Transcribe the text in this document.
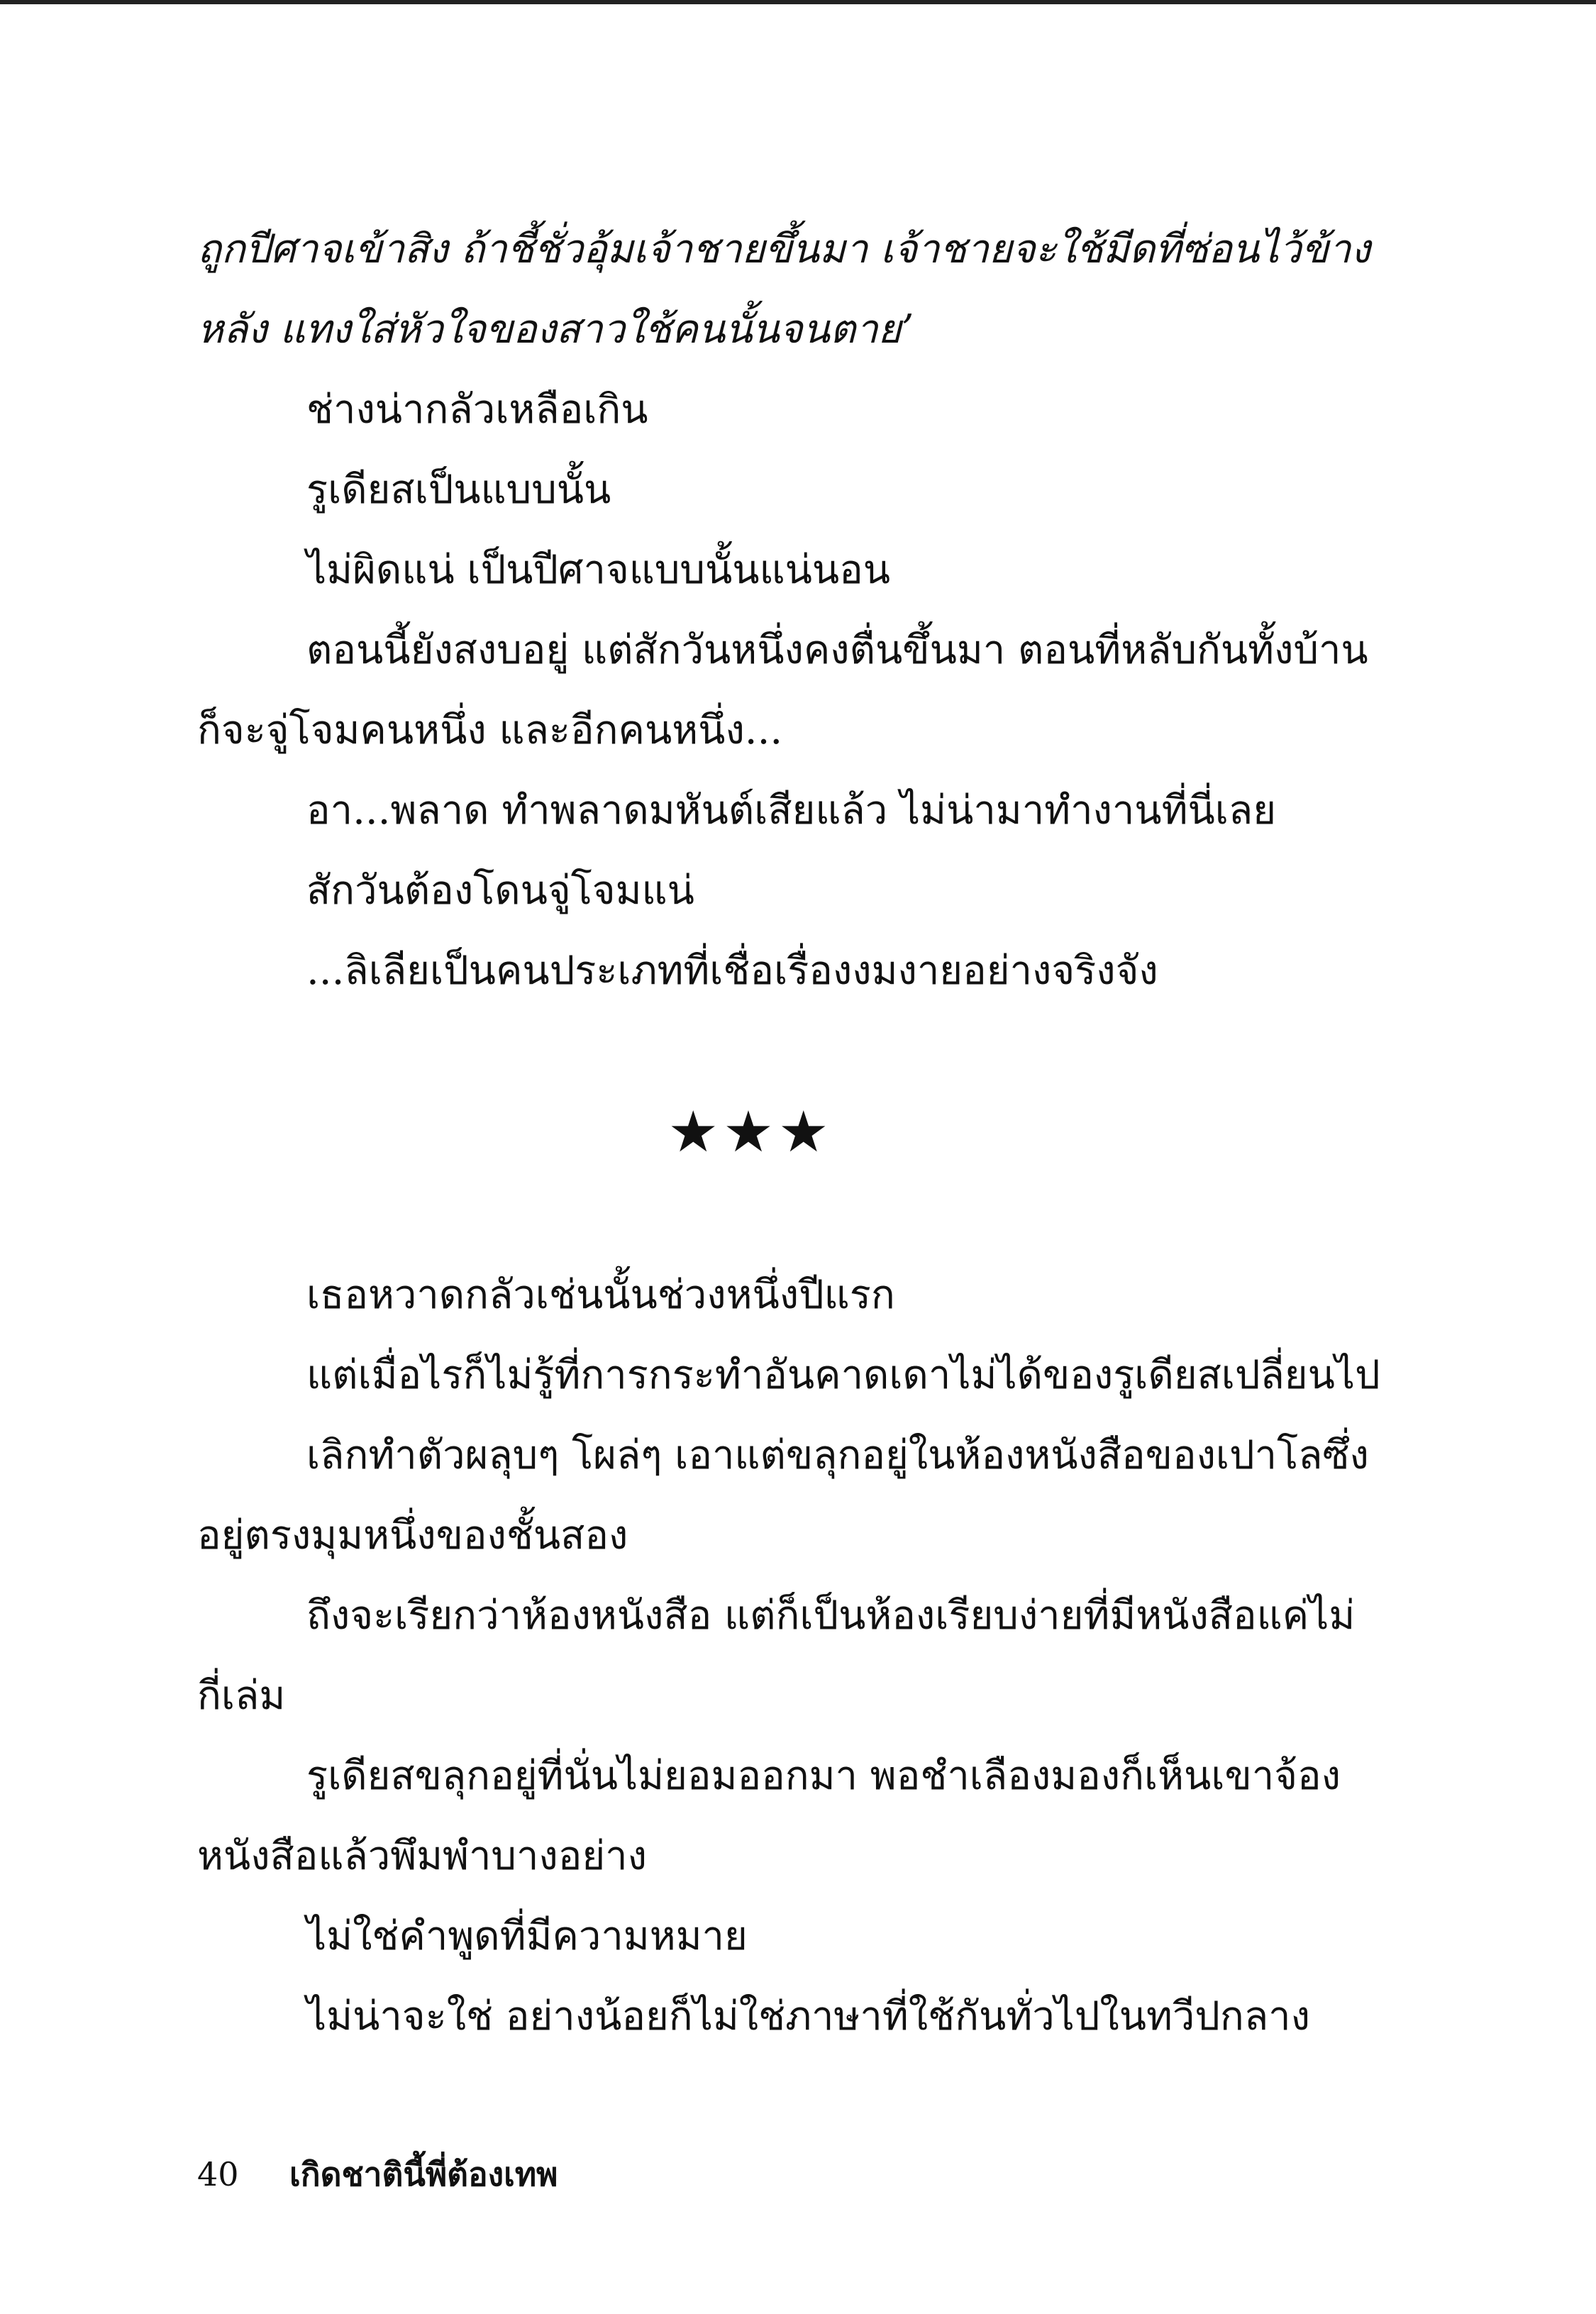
ถูกปีศาจเข้าสิง ถ้าชี้ชั่วอุ้มเจ้าชายขึ้นมา เจ้าชายจะใช้มีดที่ซ่อนไว้ข้าง
หลัง แทงใส่หัวใจของสาวใช้คนนั้นจนตาย’
ช่างน่ากลัวเหลือเกิน
รูเดียสเป็นแบบนั้น
ไม่ผิดแน่ เป็นปีศาจแบบนั้นแน่นอน
ตอนนี้ยังสงบอยู่ แต่สักวันหนึ่งคงตื่นขึ้นมา ตอนที่หลับกันทั้งบ้าน
ก็จะจู่โจมคนหนึ่ง และอีกคนหนึ่ง...
อา...พลาด ทำพลาดมหันต์เสียแล้ว ไม่น่ามาทำงานที่นี่เลย
สักวันต้องโดนจู่โจมแน่
...ลิเลียเป็นคนประเภทที่เชื่อเรื่องงมงายอย่างจริงจัง
★★★
เธอหวาดกลัวเช่นนั้นช่วงหนึ่งปีแรก
แต่เมื่อไรก็ไม่รู้ที่การกระทำอันคาดเดาไม่ได้ของรูเดียสเปลี่ยนไป
เลิกทำตัวผลุบๆ โผล่ๆ เอาแต่ขลุกอยู่ในห้องหนังสือของเปาโลซึ่ง
อยู่ตรงมุมหนึ่งของชั้นสอง
ถึงจะเรียกว่าห้องหนังสือ แต่ก็เป็นห้องเรียบง่ายที่มีหนังสือแค่ไม่
กี่เล่ม
รูเดียสขลุกอยู่ที่นั่นไม่ยอมออกมา พอชำเลืองมองก็เห็นเขาจ้อง
หนังสือแล้วพึมพำบางอย่าง
ไม่ใช่คำพูดที่มีความหมาย
ไม่น่าจะใช่ อย่างน้อยก็ไม่ใช่ภาษาที่ใช้กันทั่วไปในทวีปกลาง
40	เกิดชาตินี้พี่ต้องเทพ
